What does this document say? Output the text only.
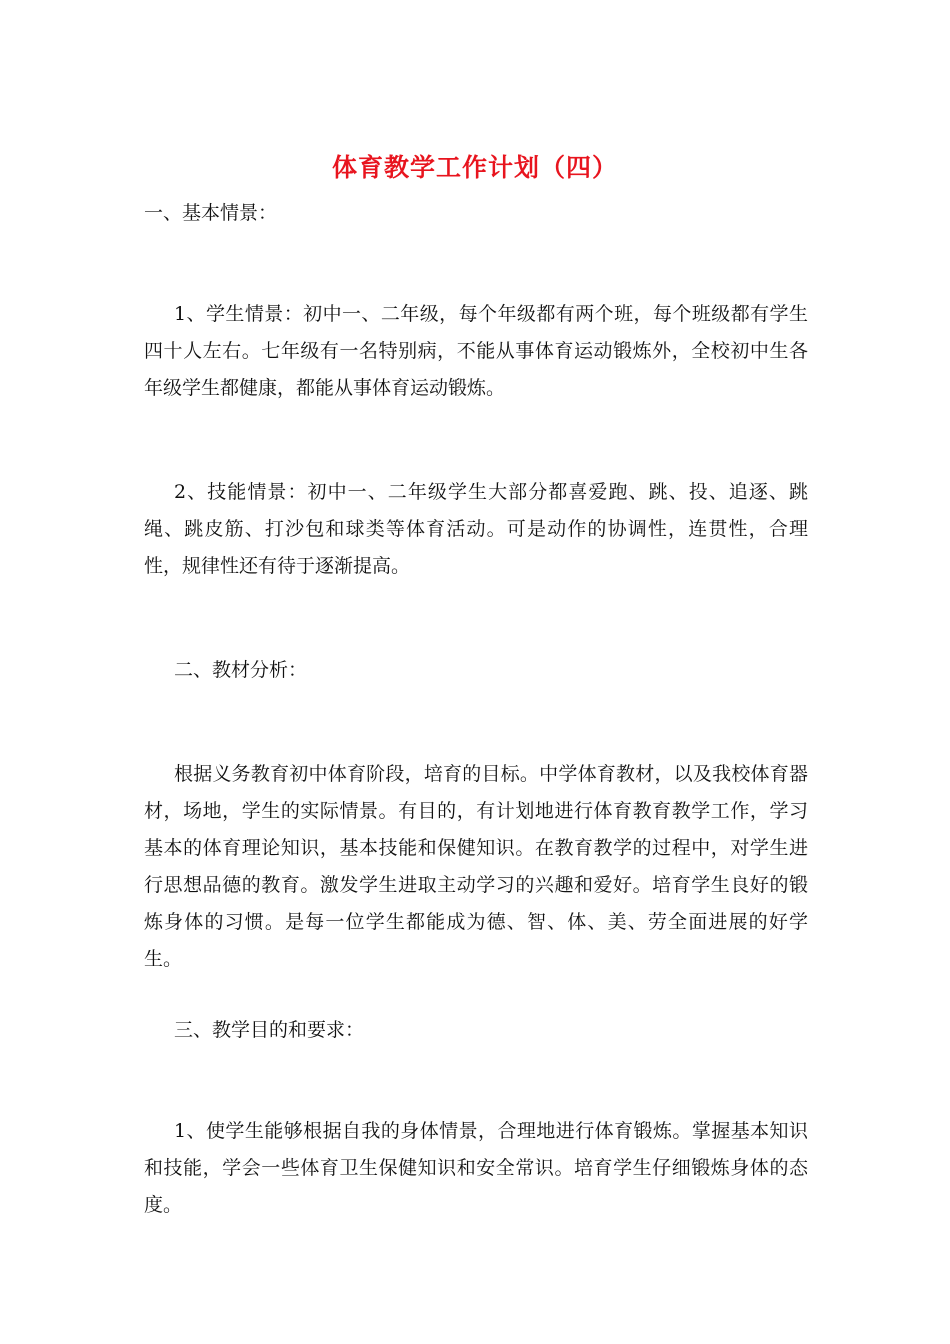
体育教学工作计划（四）

一、基本情景：

1、学生情景：初中一、二年级，每个年级都有两个班，每个班级都有学生四十人左右。七年级有一名特别病，不能从事体育运动锻炼外，全校初中生各年级学生都健康，都能从事体育运动锻炼。

2、技能情景：初中一、二年级学生大部分都喜爱跑、跳、投、追逐、跳绳、跳皮筋、打沙包和球类等体育活动。可是动作的协调性，连贯性，合理性，规律性还有待于逐渐提高。

二、教材分析：

根据义务教育初中体育阶段，培育的目标。中学体育教材，以及我校体育器材，场地，学生的实际情景。有目的，有计划地进行体育教育教学工作，学习基本的体育理论知识，基本技能和保健知识。在教育教学的过程中，对学生进行思想品德的教育。激发学生进取主动学习的兴趣和爱好。培育学生良好的锻炼身体的习惯。是每一位学生都能成为德、智、体、美、劳全面进展的好学生。

三、教学目的和要求：

1、使学生能够根据自我的身体情景，合理地进行体育锻炼。掌握基本知识和技能，学会一些体育卫生保健知识和安全常识。培育学生仔细锻炼身体的态度。
